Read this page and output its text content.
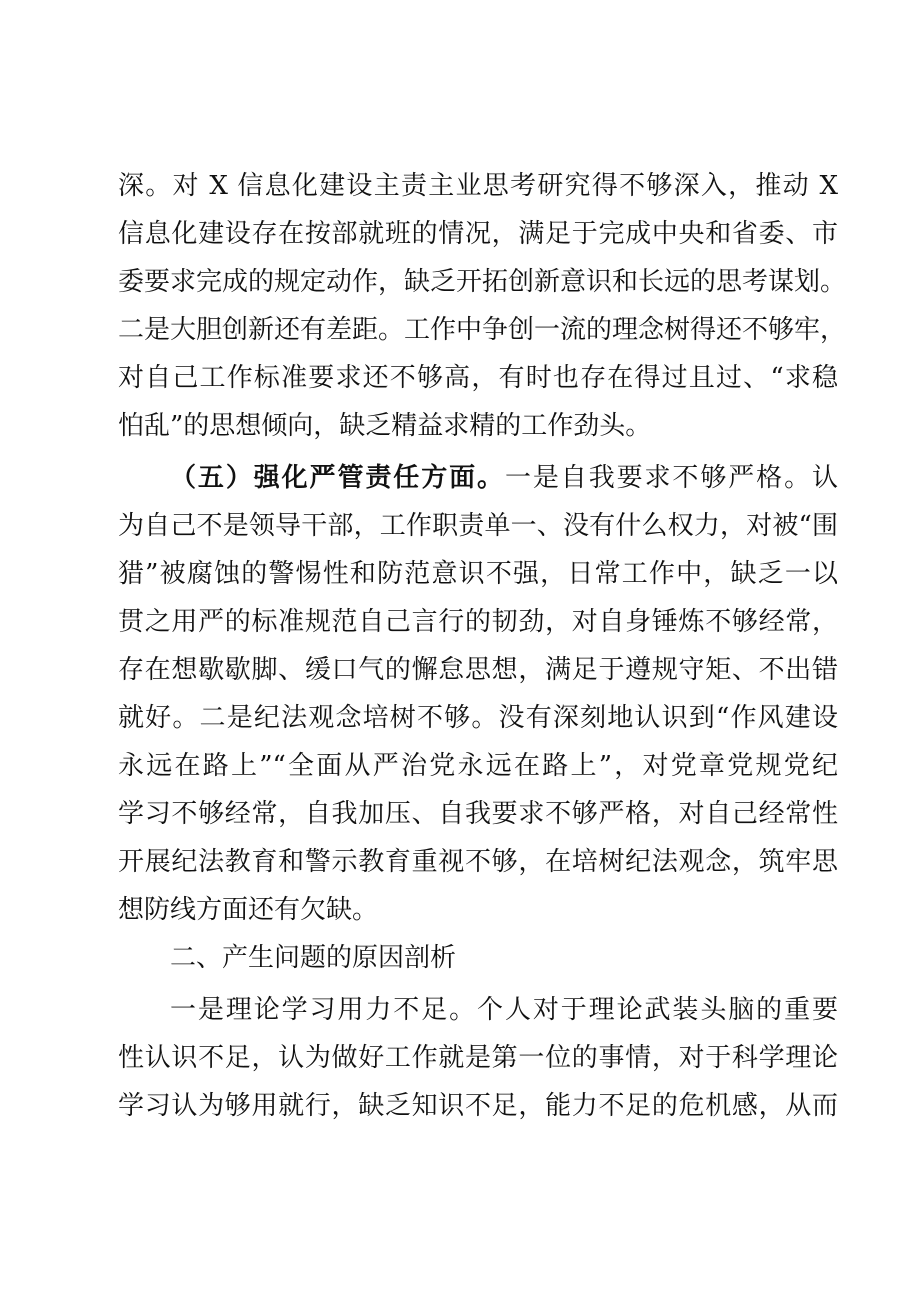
深。对 X 信息化建设主责主业思考研究得不够深入，推动 X
信息化建设存在按部就班的情况，满足于完成中央和省委、市
委要求完成的规定动作，缺乏开拓创新意识和长远的思考谋划。
二是大胆创新还有差距。工作中争创一流的理念树得还不够牢，
对自己工作标准要求还不够高，有时也存在得过且过、“求稳
怕乱”的思想倾向，缺乏精益求精的工作劲头。
（五）强化严管责任方面。一是自我要求不够严格。认
为自己不是领导干部，工作职责单一、没有什么权力，对被“围
猎”被腐蚀的警惕性和防范意识不强，日常工作中，缺乏一以
贯之用严的标准规范自己言行的韧劲，对自身锤炼不够经常，
存在想歇歇脚、缓口气的懈怠思想，满足于遵规守矩、不出错
就好。二是纪法观念培树不够。没有深刻地认识到“作风建设
永远在路上”“全面从严治党永远在路上”，对党章党规党纪
学习不够经常，自我加压、自我要求不够严格，对自己经常性
开展纪法教育和警示教育重视不够，在培树纪法观念，筑牢思
想防线方面还有欠缺。
二、产生问题的原因剖析
一是理论学习用力不足。个人对于理论武装头脑的重要
性认识不足，认为做好工作就是第一位的事情，对于科学理论
学习认为够用就行，缺乏知识不足，能力不足的危机感，从而
